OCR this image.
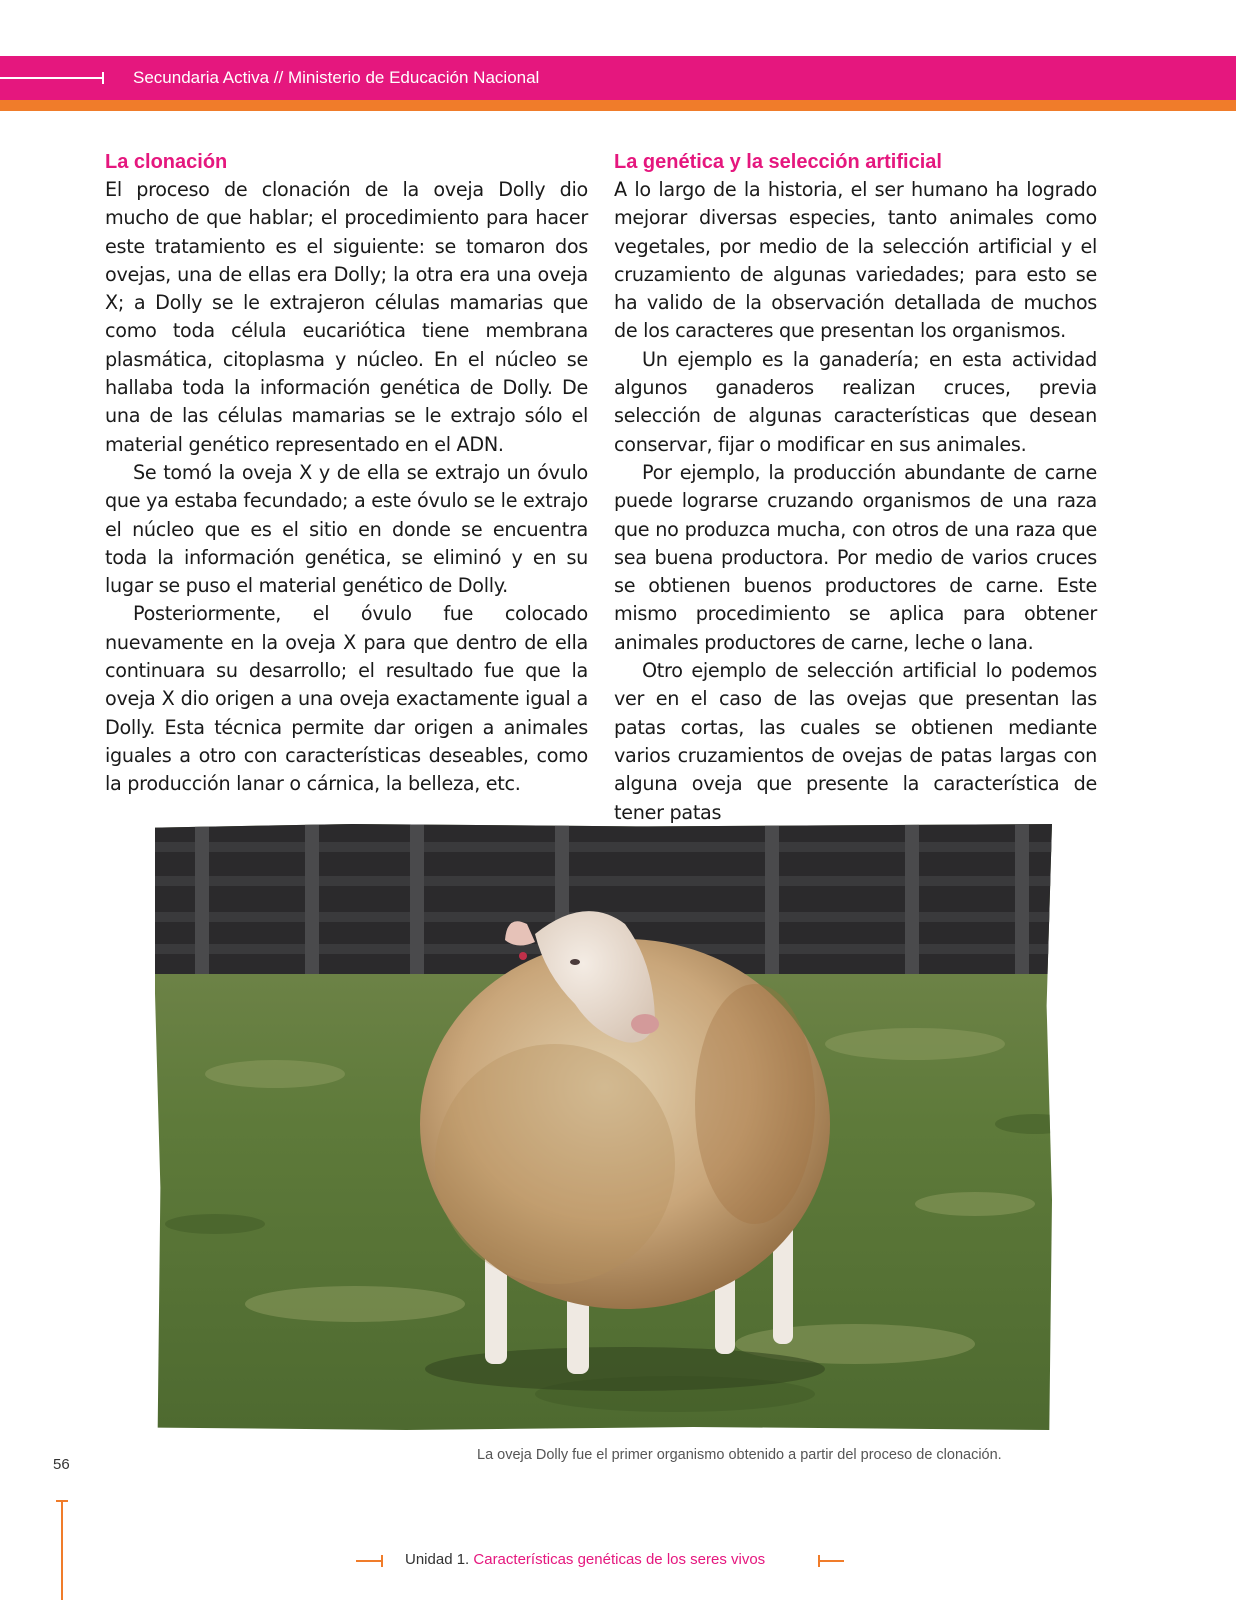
Secundaria Activa // Ministerio de Educación Nacional
La clonación

El proceso de clonación de la oveja Dolly dio mucho de que hablar; el procedimiento para hacer este tratamiento es el siguiente: se tomaron dos ovejas, una de ellas era Dolly; la otra era una oveja X; a Dolly se le extrajeron células mamarias que como toda célula eucariótica tiene membrana plasmática, citoplasma y núcleo. En el núcleo se hallaba toda la información genética de Dolly. De una de las células mamarias se le extrajo sólo el material genético representado en el ADN.

Se tomó la oveja X y de ella se extrajo un óvulo que ya estaba fecundado; a este óvulo se le extrajo el núcleo que es el sitio en donde se encuentra toda la información genética, se eliminó y en su lugar se puso el material genético de Dolly.

Posteriormente, el óvulo fue colocado nuevamente en la oveja X para que dentro de ella continuara su desarrollo; el resultado fue que la oveja X dio origen a una oveja exactamente igual a Dolly. Esta técnica permite dar origen a animales iguales a otro con características deseables, como la producción lanar o cárnica, la belleza, etc.

La genética y la selección artificial

A lo largo de la historia, el ser humano ha logrado mejorar diversas especies, tanto animales como vegetales, por medio de la selección artificial y el cruzamiento de algunas variedades; para esto se ha valido de la observación detallada de muchos de los caracteres que presentan los organismos.

Un ejemplo es la ganadería; en esta actividad algunos ganaderos realizan cruces, previa selección de algunas características que desean conservar, fijar o modificar en sus animales.

Por ejemplo, la producción abundante de carne puede lograrse cruzando organismos de una raza que no produzca mucha, con otros de una raza que sea buena productora. Por medio de varios cruces se obtienen buenos productores de carne. Este mismo procedimiento se aplica para obtener animales productores de carne, leche o lana.

Otro ejemplo de selección artificial lo podemos ver en el caso de las ovejas que presentan las patas cortas, las cuales se obtienen mediante varios cruzamientos de ovejas de patas largas con alguna oveja que presente la característica de tener patas

La oveja Dolly fue el primer organismo obtenido a partir del proceso de clonación.
56
Unidad 1. Características genéticas de los seres vivos
